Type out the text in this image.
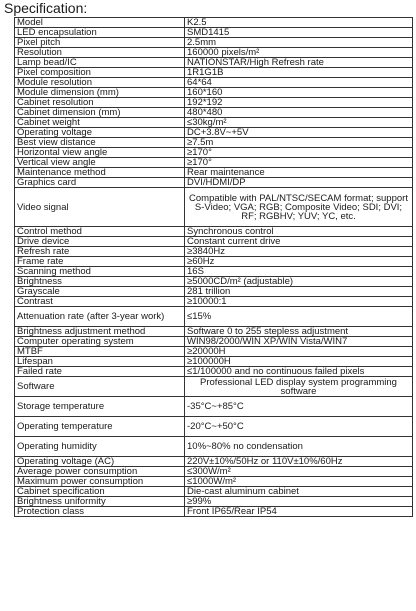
Specification:
Model	K2.5
LED encapsulation	SMD1415
Pixel pitch	2.5mm
Resolution	160000 pixels/m²
Lamp bead/IC	NATIONSTAR/High Refresh rate
Pixel composition	1R1G1B
Module resolution	64*64
Module dimension (mm)	160*160
Cabinet resolution	192*192
Cabinet dimension (mm)	480*480
Cabinet weight	≤30kg/m²
Operating voltage	DC+3.8V~+5V
Best view distance	≥7.5m
Horizontal view angle	≥170°
Vertical view angle	≥170°
Maintenance method	Rear maintenance
Graphics card	DVI/HDMI/DP
Video signal	Compatible with PAL/NTSC/SECAM format; support S-Video; VGA; RGB; Composite Video; SDI; DVI; RF; RGBHV; YUV; YC, etc.
Control method	Synchronous control
Drive device	Constant current drive
Refresh rate	≥3840Hz
Frame rate	≥60Hz
Scanning method	16S
Brightness	≥5000CD/m² (adjustable)
Grayscale	281 trillion
Contrast	≥10000:1
Attenuation rate (after 3-year work)	≤15%
Brightness adjustment method	Software 0 to 255 stepless adjustment
Computer operating system	WIN98/2000/WIN XP/WIN Vista/WIN7
MTBF	≥20000H
Lifespan	≥100000H
Failed rate	≤1/100000 and no continuous failed pixels
Software	Professional LED display system programming software
Storage temperature	-35°C~+85°C
Operating temperature	-20°C~+50°C
Operating humidity	10%~80% no condensation
Operating voltage (AC)	220V±10%/50Hz or 110V±10%/60Hz
Average power consumption	≤300W/m²
Maximum power consumption	≤1000W/m²
Cabinet specification	Die-cast aluminum cabinet
Brightness uniformity	≥99%
Protection class	Front IP65/Rear IP54
